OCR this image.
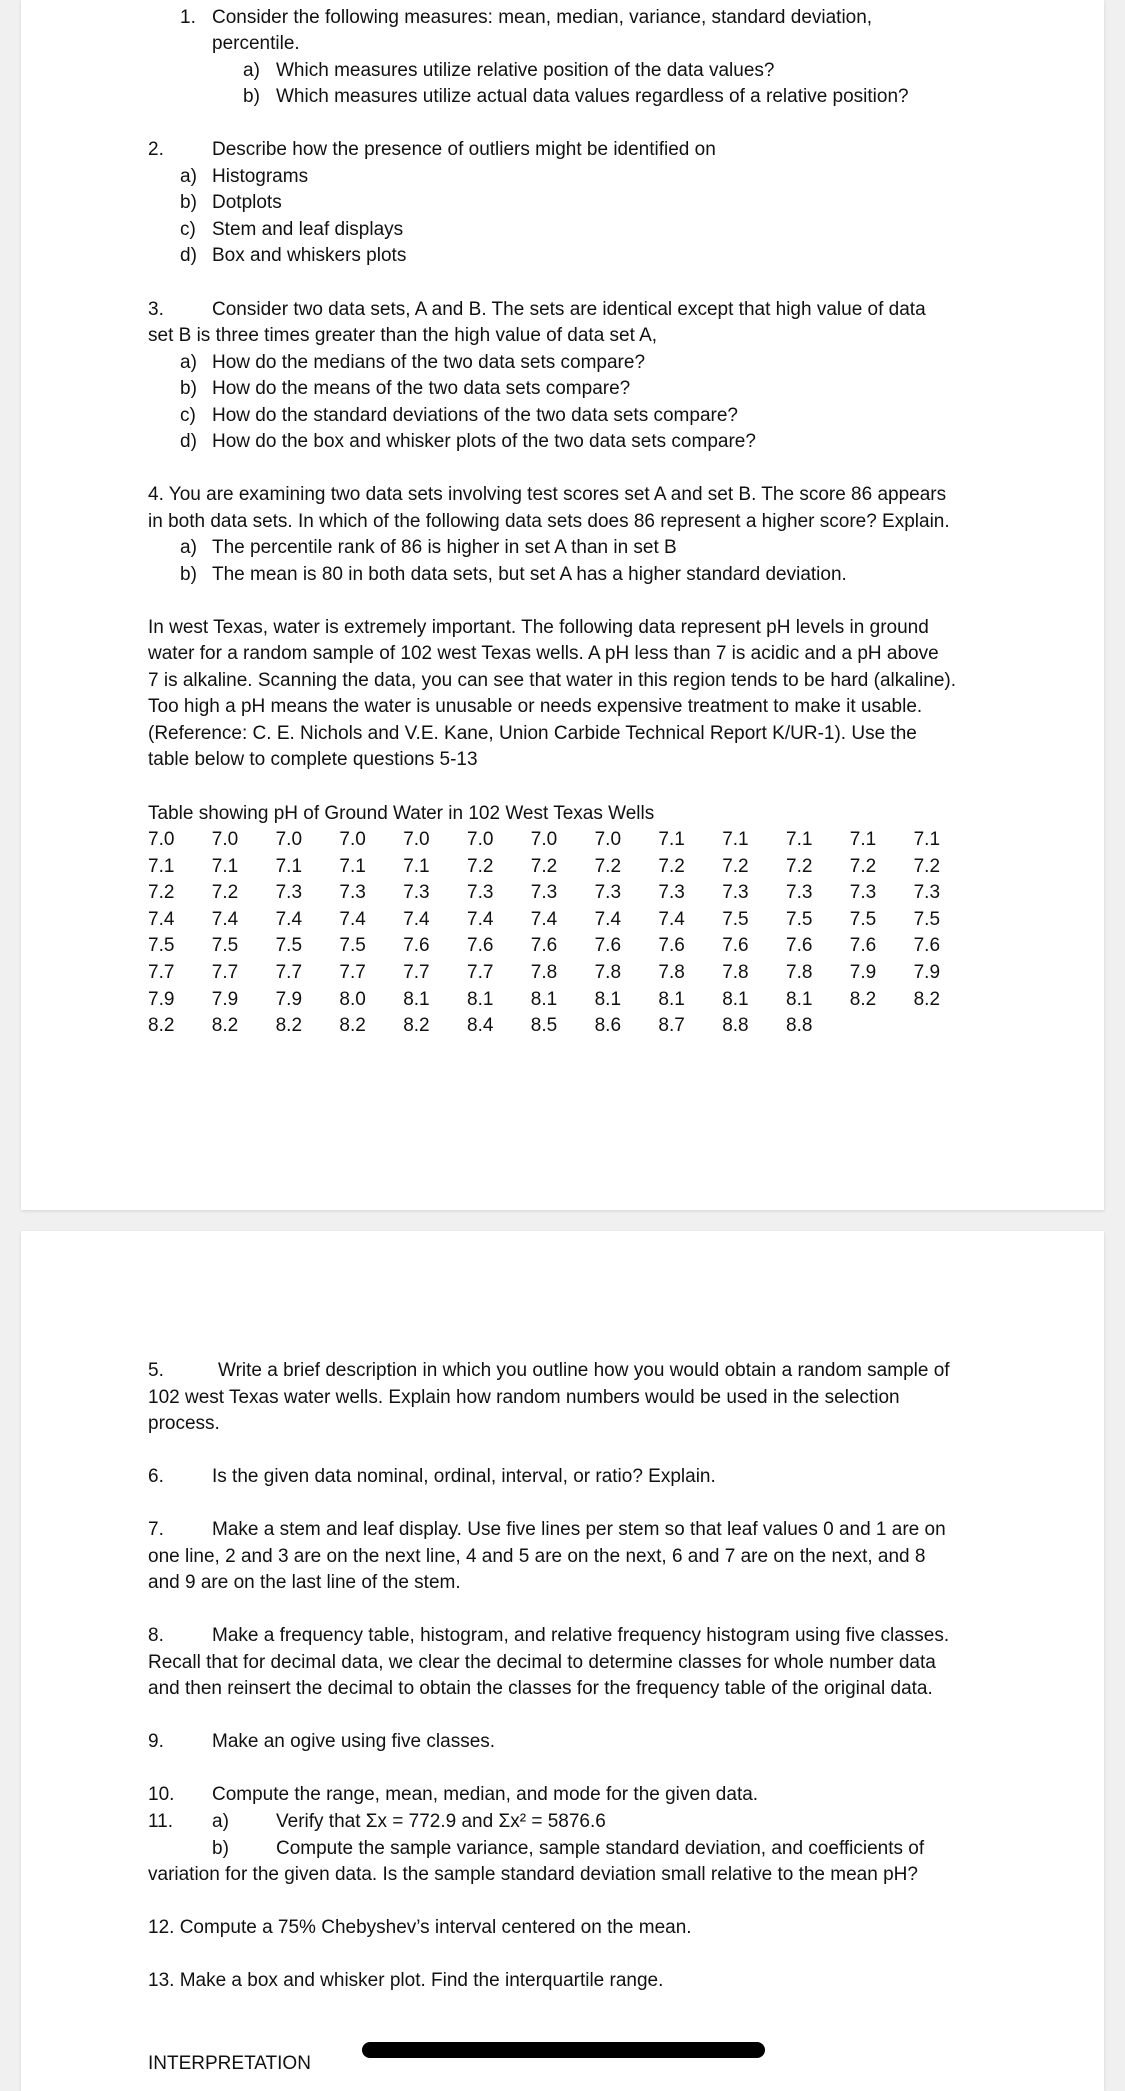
1. Consider the following measures: mean, median, variance, standard deviation,
percentile.
a) Which measures utilize relative position of the data values?
b) Which measures utilize actual data values regardless of a relative position?
2.	Describe how the presence of outliers might be identified on
a) Histograms
b) Dotplots
c) Stem and leaf displays
d) Box and whiskers plots
3.	Consider two data sets, A and B. The sets are identical except that high value of data
set B is three times greater than the high value of data set A,
a) How do the medians of the two data sets compare?
b) How do the means of the two data sets compare?
c) How do the standard deviations of the two data sets compare?
d) How do the box and whisker plots of the two data sets compare?
4. You are examining two data sets involving test scores set A and set B. The score 86 appears
in both data sets. In which of the following data sets does 86 represent a higher score? Explain.
a) The percentile rank of 86 is higher in set A than in set B
b) The mean is 80 in both data sets, but set A has a higher standard deviation.
In west Texas, water is extremely important. The following data represent pH levels in ground
water for a random sample of 102 west Texas wells. A pH less than 7 is acidic and a pH above
7 is alkaline. Scanning the data, you can see that water in this region tends to be hard (alkaline).
Too high a pH means the water is unusable or needs expensive treatment to make it usable.
(Reference: C. E. Nichols and V.E. Kane, Union Carbide Technical Report K/UR-1). Use the
table below to complete questions 5-13
Table showing pH of Ground Water in 102 West Texas Wells
7.0 7.0 7.0 7.0 7.0 7.0 7.0 7.0 7.1 7.1 7.1 7.1 7.1
7.1 7.1 7.1 7.1 7.1 7.2 7.2 7.2 7.2 7.2 7.2 7.2 7.2
7.2 7.2 7.3 7.3 7.3 7.3 7.3 7.3 7.3 7.3 7.3 7.3 7.3
7.4 7.4 7.4 7.4 7.4 7.4 7.4 7.4 7.4 7.5 7.5 7.5 7.5
7.5 7.5 7.5 7.5 7.6 7.6 7.6 7.6 7.6 7.6 7.6 7.6 7.6
7.7 7.7 7.7 7.7 7.7 7.7 7.8 7.8 7.8 7.8 7.8 7.9 7.9
7.9 7.9 7.9 8.0 8.1 8.1 8.1 8.1 8.1 8.1 8.1 8.2 8.2
8.2 8.2 8.2 8.2 8.2 8.4 8.5 8.6 8.7 8.8 8.8
5.	Write a brief description in which you outline how you would obtain a random sample of
102 west Texas water wells. Explain how random numbers would be used in the selection
process.
6.	Is the given data nominal, ordinal, interval, or ratio? Explain.
7.	Make a stem and leaf display. Use five lines per stem so that leaf values 0 and 1 are on
one line, 2 and 3 are on the next line, 4 and 5 are on the next, 6 and 7 are on the next, and 8
and 9 are on the last line of the stem.
8.	Make a frequency table, histogram, and relative frequency histogram using five classes.
Recall that for decimal data, we clear the decimal to determine classes for whole number data
and then reinsert the decimal to obtain the classes for the frequency table of the original data.
9.	Make an ogive using five classes.
10. Compute the range, mean, median, and mode for the given data.
11. a) Verify that Σx = 772.9 and Σx² = 5876.6
b) Compute the sample variance, sample standard deviation, and coefficients of
variation for the given data. Is the sample standard deviation small relative to the mean pH?
12. Compute a 75% Chebyshev’s interval centered on the mean.
13. Make a box and whisker plot. Find the interquartile range.
INTERPRETATION
